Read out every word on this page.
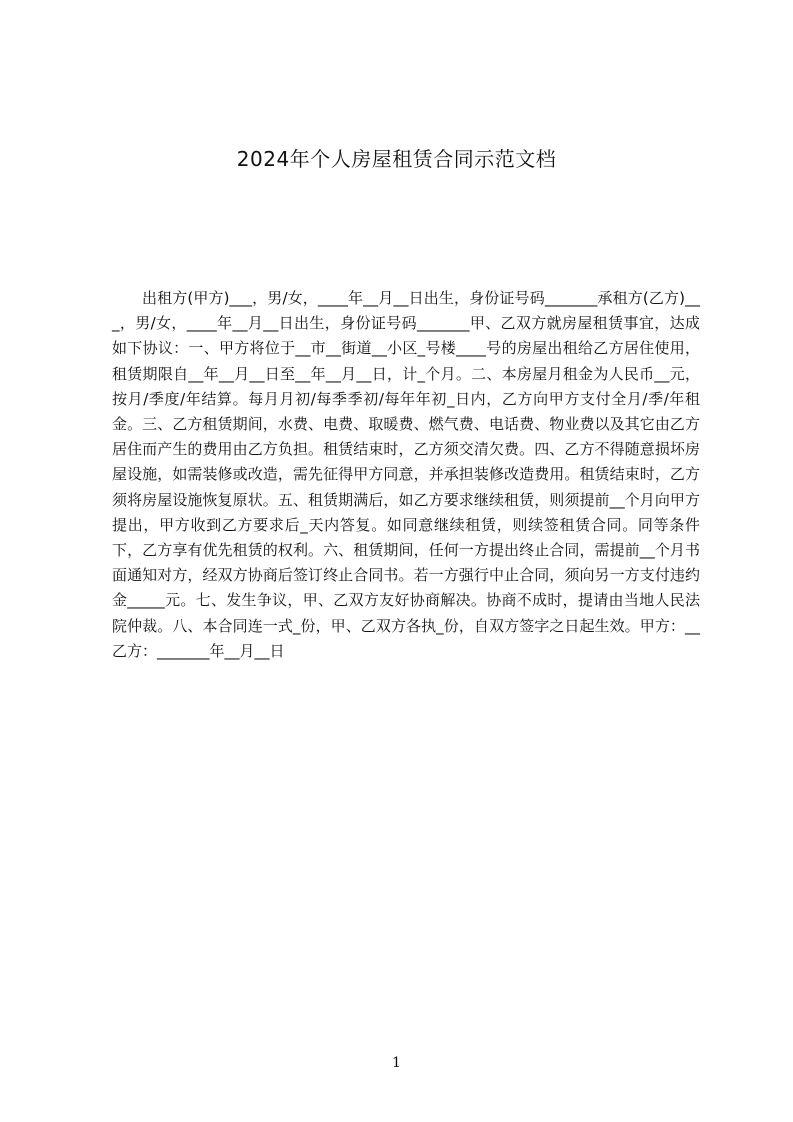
2024年个人房屋租赁合同示范文档

出租方(甲方)___，男/女，____年__月__日出生，身份证号码_______承租方(乙方)___，男/女，____年__月__日出生，身份证号码_______甲、乙双方就房屋租赁事宜，达成如下协议：一、甲方将位于__市__街道__小区_号楼____号的房屋出租给乙方居住使用，租赁期限自__年__月__日至__年__月__日，计_个月。二、本房屋月租金为人民币__元，按月/季度/年结算。每月月初/每季季初/每年年初_日内，乙方向甲方支付全月/季/年租金。三、乙方租赁期间，水费、电费、取暖费、燃气费、电话费、物业费以及其它由乙方居住而产生的费用由乙方负担。租赁结束时，乙方须交清欠费。四、乙方不得随意损坏房屋设施，如需装修或改造，需先征得甲方同意，并承担装修改造费用。租赁结束时，乙方须将房屋设施恢复原状。五、租赁期满后，如乙方要求继续租赁，则须提前__个月向甲方提出，甲方收到乙方要求后_天内答复。如同意继续租赁，则续签租赁合同。同等条件下，乙方享有优先租赁的权利。六、租赁期间，任何一方提出终止合同，需提前__个月书面通知对方，经双方协商后签订终止合同书。若一方强行中止合同，须向另一方支付违约金_____元。七、发生争议，甲、乙双方友好协商解决。协商不成时，提请由当地人民法院仲裁。八、本合同连一式_份，甲、乙双方各执_份，自双方签字之日起生效。甲方：__乙方：_______年__月__日

1
